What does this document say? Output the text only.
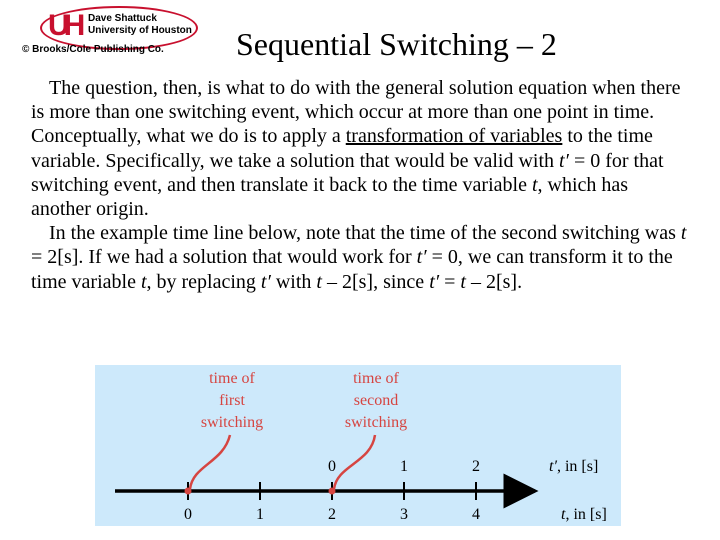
UH Dave Shattuck
University of Houston
© Brooks/Cole Publishing Co. Sequential Switching – 2

The question, then, is what to do with the general solution equation when there is more than one switching event, which occur at more than one point in time. Conceptually, what we do is to apply a transformation of variables to the time variable. Specifically, we take a solution that would be valid with t′ = 0 for that switching event, and then translate it back to the time variable t, which has another origin.

In the example time line below, note that the time of the second switching was t = 2[s]. If we had a solution that would work for t′ = 0, we can transform it to the time variable t, by replacing t′ with t – 2[s], since t′ = t – 2[s].

0	1	2	3	4
0	1	2	t′, in [s]
t, in [s]
time of
first
switching
time of
second
switching
